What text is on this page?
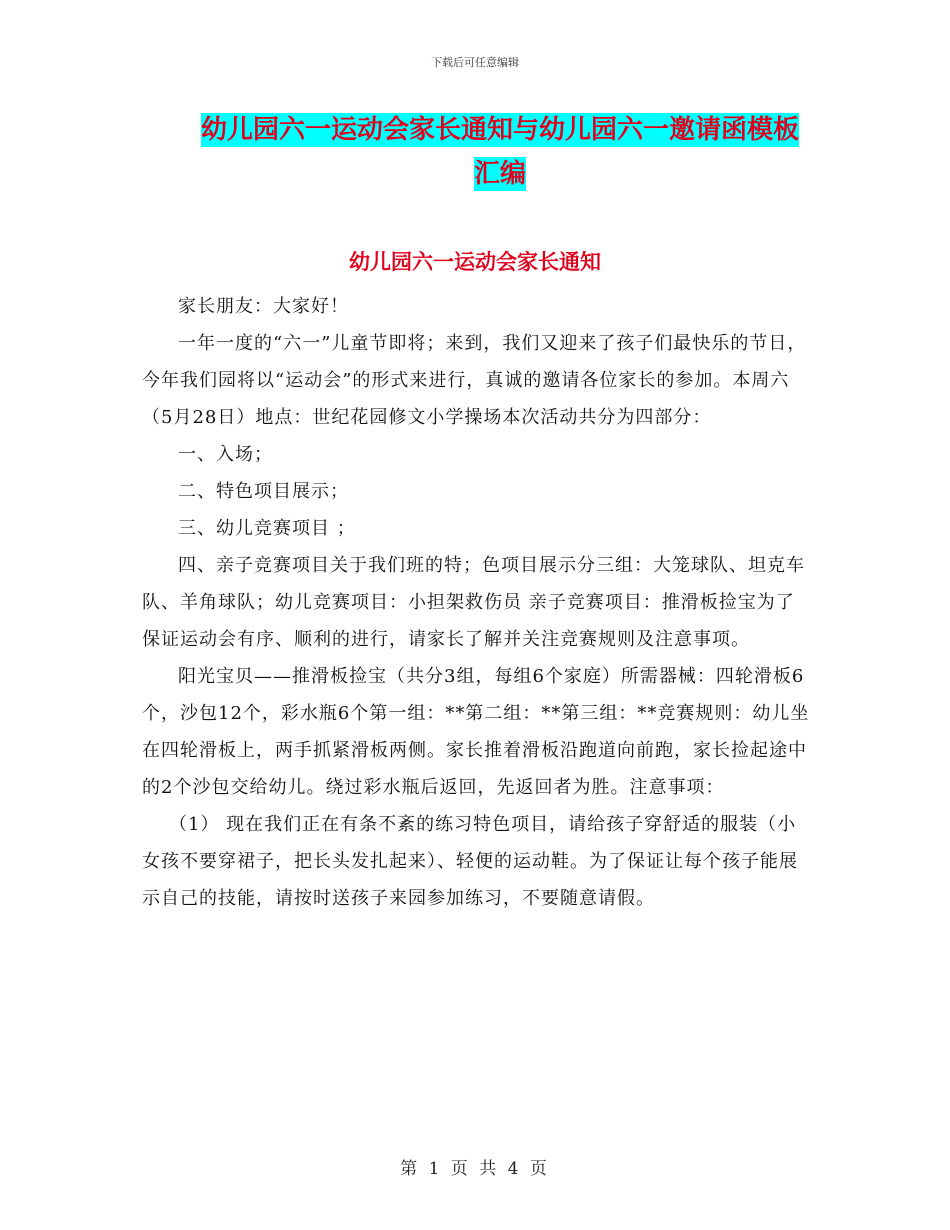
下载后可任意编辑
幼儿园六一运动会家长通知与幼儿园六一邀请函模板
汇编
幼儿园六一运动会家长通知

家长朋友：大家好！

一年一度的“六一”儿童节即将；来到，我们又迎来了孩子们最快乐的节日，今年我们园将以“运动会”的形式来进行，真诚的邀请各位家长的参加。本周六（5月28日）地点：世纪花园修文小学操场本次活动共分为四部分：

一、入场；

二、特色项目展示；

三、幼儿竞赛项目 ；

四、亲子竞赛项目关于我们班的特；色项目展示分三组：大笼球队、坦克车队、羊角球队；幼儿竞赛项目：小担架救伤员 亲子竞赛项目：推滑板捡宝为了保证运动会有序、顺利的进行，请家长了解并关注竞赛规则及注意事项。

阳光宝贝——推滑板捡宝（共分3组，每组6个家庭）所需器械：四轮滑板6个，沙包12个，彩水瓶6个第一组：**第二组：**第三组：**竞赛规则：幼儿坐在四轮滑板上，两手抓紧滑板两侧。家长推着滑板沿跑道向前跑，家长捡起途中的2个沙包交给幼儿。绕过彩水瓶后返回，先返回者为胜。注意事项：

（1） 现在我们正在有条不紊的练习特色项目，请给孩子穿舒适的服装（小女孩不要穿裙子，把长头发扎起来）、轻便的运动鞋。为了保证让每个孩子能展示自己的技能，请按时送孩子来园参加练习，不要随意请假。

第 1 页 共 4 页
